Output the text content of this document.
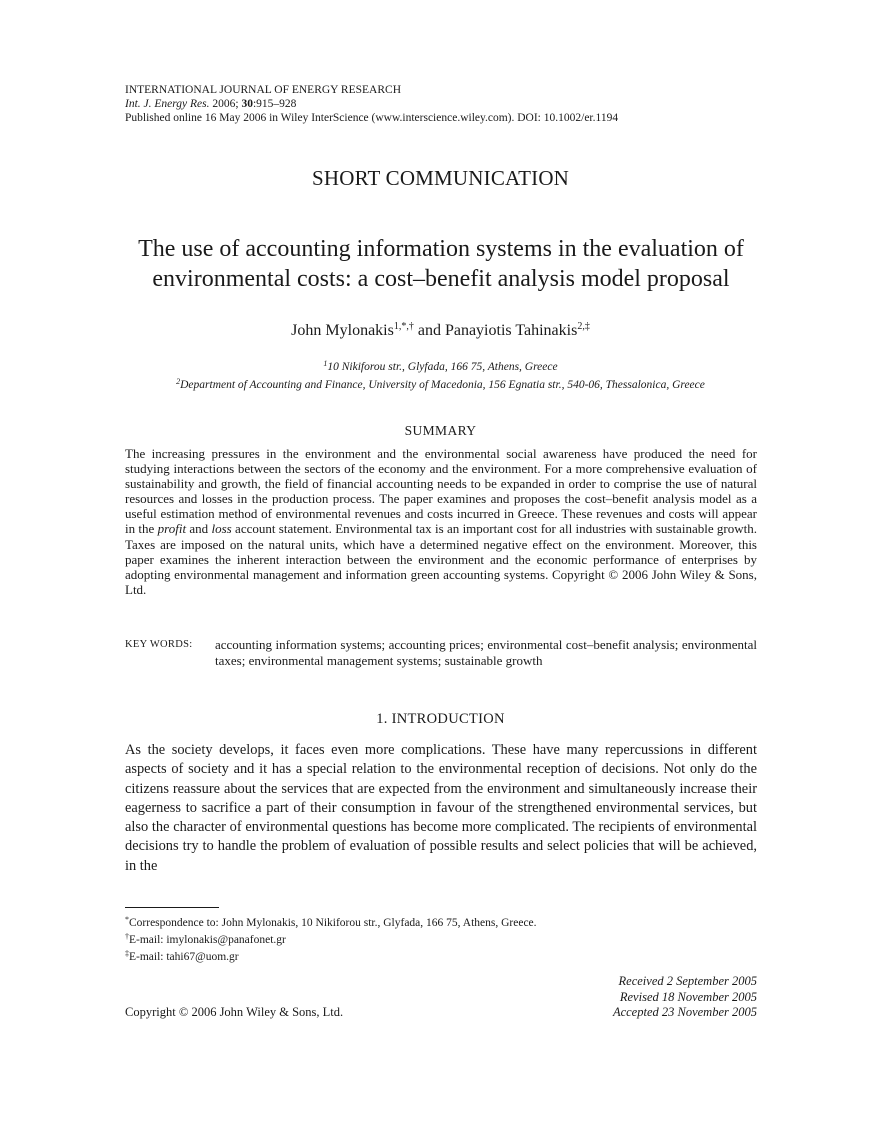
INTERNATIONAL JOURNAL OF ENERGY RESEARCH
Int. J. Energy Res. 2006; 30:915–928
Published online 16 May 2006 in Wiley InterScience (www.interscience.wiley.com). DOI: 10.1002/er.1194
SHORT COMMUNICATION
The use of accounting information systems in the evaluation of
environmental costs: a cost–benefit analysis model proposal
John Mylonakis$^{1,*,\dagger}$ and Panayiotis Tahinakis$^{2,\ddagger}$
$^1$10 Nikiforou str., Glyfada, 166 75, Athens, Greece
$^2$Department of Accounting and Finance, University of Macedonia, 156 Egnatia str., 540-06, Thessalonica, Greece
SUMMARY
The increasing pressures in the environment and the environmental social awareness have produced the need for studying interactions between the sectors of the economy and the environment. For a more comprehensive evaluation of sustainability and growth, the field of financial accounting needs to be expanded in order to comprise the use of natural resources and losses in the production process. The paper examines and proposes the cost–benefit analysis model as a useful estimation method of environmental revenues and costs incurred in Greece. These revenues and costs will appear in the profit and loss account statement. Environmental tax is an important cost for all industries with sustainable growth. Taxes are imposed on the natural units, which have a determined negative effect on the environment. Moreover, this paper examines the inherent interaction between the environment and the economic performance of enterprises by adopting environmental management and information green accounting systems. Copyright © 2006 John Wiley & Sons, Ltd.
KEY WORDS: accounting information systems; accounting prices; environmental cost–benefit analysis; environmental taxes; environmental management systems; sustainable growth
1. INTRODUCTION
As the society develops, it faces even more complications. These have many repercussions in different aspects of society and it has a special relation to the environmental reception of decisions. Not only do the citizens reassure about the services that are expected from the environment and simultaneously increase their eagerness to sacrifice a part of their consumption in favour of the strengthened environmental services, but also the character of environmental questions has become more complicated. The recipients of environmental decisions try to handle the problem of evaluation of possible results and select policies that will be achieved, in the
*Correspondence to: John Mylonakis, 10 Nikiforou str., Glyfada, 166 75, Athens, Greece.
†E-mail: imylonakis@panafonet.gr
‡E-mail: tahi67@uom.gr
Received 2 September 2005
Revised 18 November 2005
Accepted 23 November 2005
Copyright © 2006 John Wiley & Sons, Ltd.
